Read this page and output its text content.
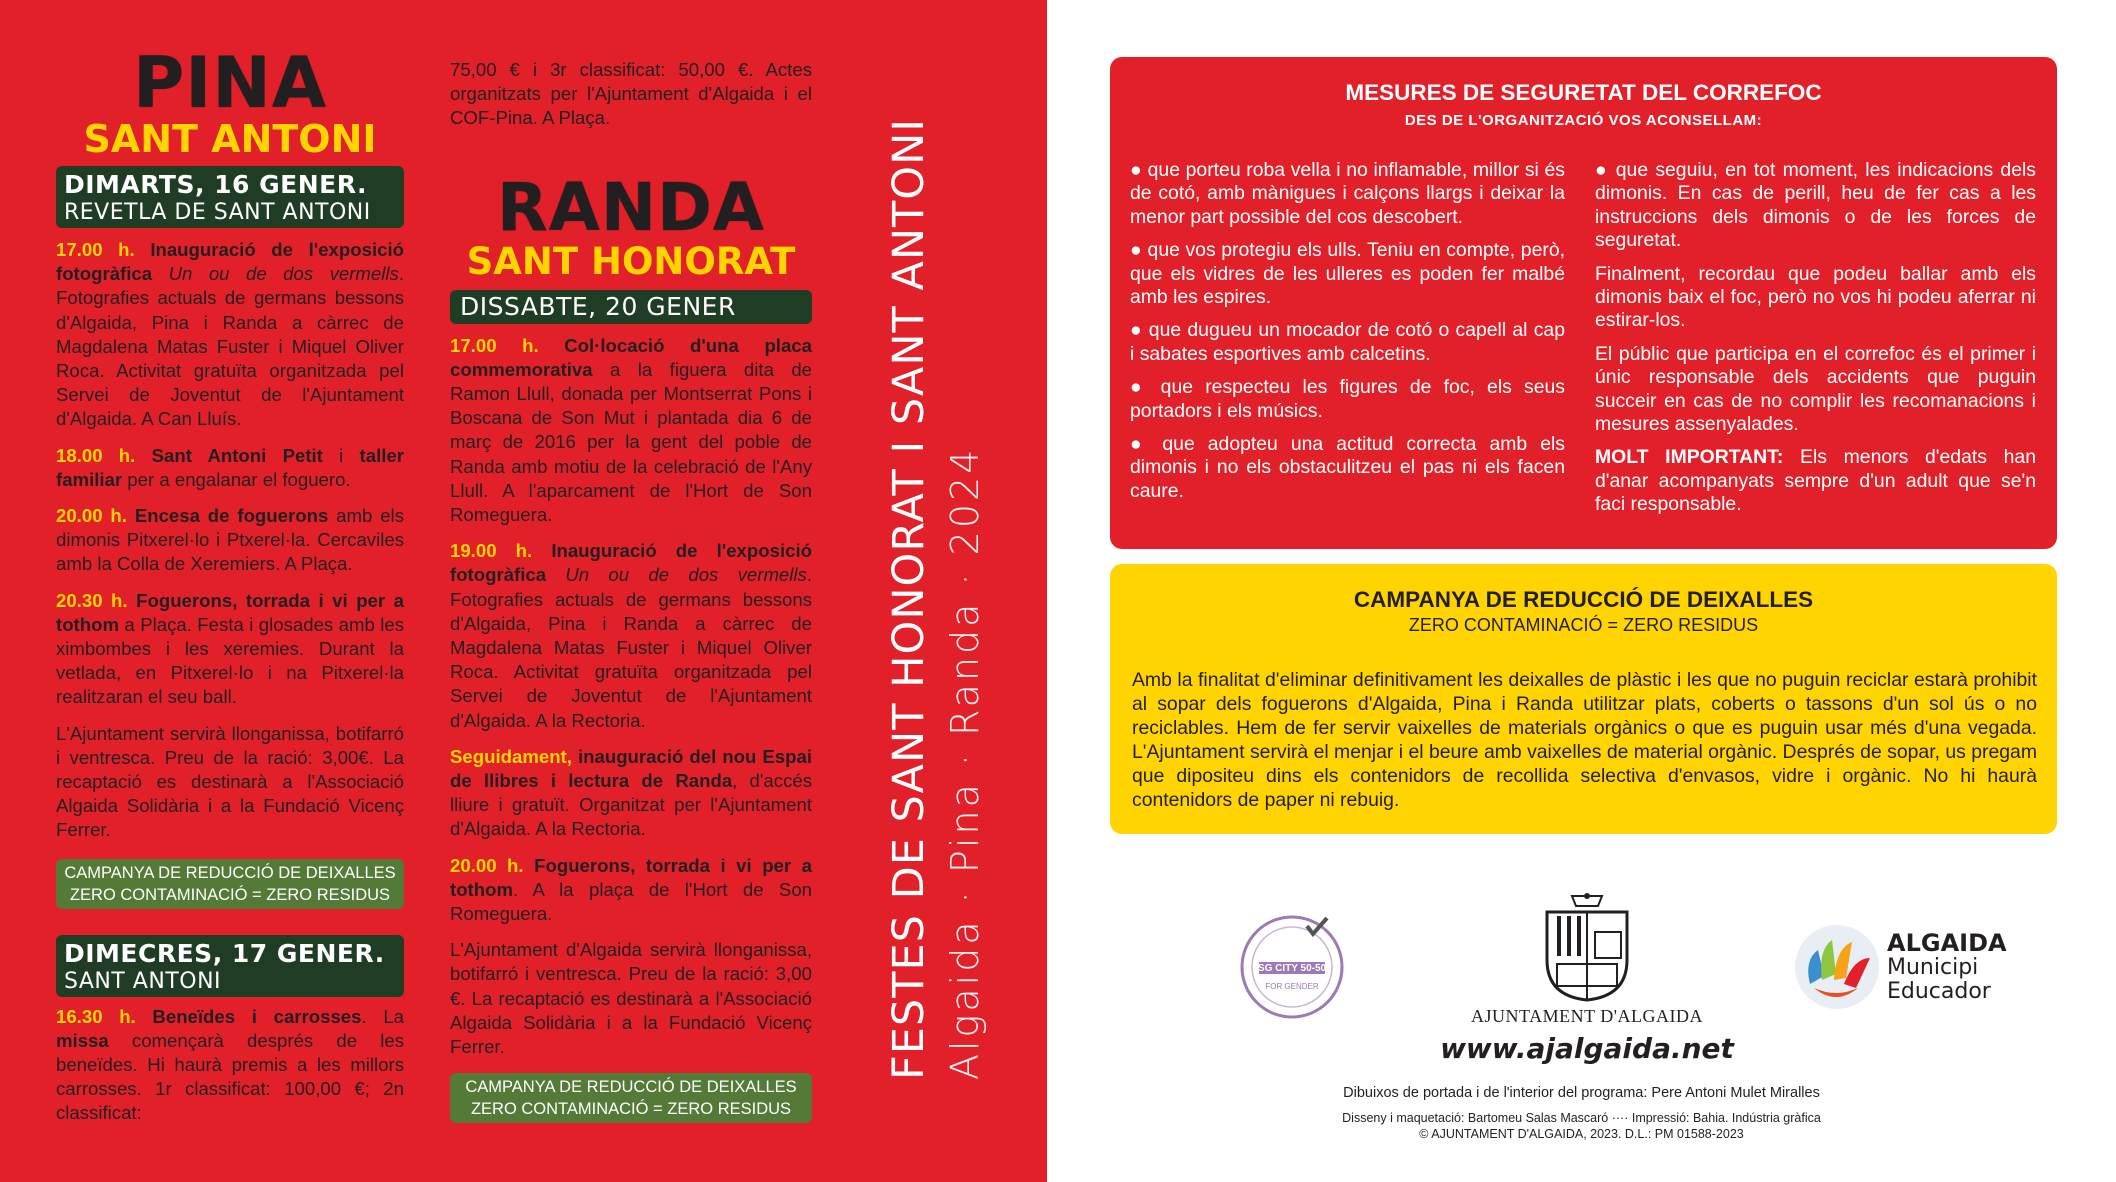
PINA
SANT ANTONI
DIMARTS, 16 GENER.
REVETLA DE SANT ANTONI

17.00 h. Inauguració de l'exposició fotogràfica Un ou de dos vermells. Fotografies actuals de germans bessons d'Algaida, Pina i Randa a càrrec de Magdalena Matas Fuster i Miquel Oliver Roca. Activitat gratuïta organitzada pel Servei de Joventut de l'Ajuntament d'Algaida. A Can Lluís.

18.00 h. Sant Antoni Petit i taller familiar per a engalanar el foguero.

20.00 h. Encesa de foguerons amb els dimonis Pitxerel·lo i Ptxerel·la. Cercaviles amb la Colla de Xeremiers. A Plaça.

20.30 h. Foguerons, torrada i vi per a tothom a Plaça. Festa i glosades amb les ximbombes i les xeremies. Durant la vetlada, en Pitxerel·lo i na Pitxerel·la realitzaran el seu ball.

L'Ajuntament servirà llonganissa, botifarró i ventresca. Preu de la ració: 3,00€. La recaptació es destinarà a l'Associació Algaida Solidària i a la Fundació Vicenç Ferrer.

CAMPANYA DE REDUCCIÓ DE DEIXALLES
ZERO CONTAMINACIÓ = ZERO RESIDUS
DIMECRES, 17 GENER.
SANT ANTONI

16.30 h. Beneïdes i carrosses. La missa començarà després de les beneïdes. Hi haurà premis a les millors carrosses. 1r classificat: 100,00 €; 2n classificat:

75,00 € i 3r classificat: 50,00 €. Actes organitzats per l'Ajuntament d'Algaida i el COF-Pina. A Plaça.

RANDA
SANT HONORAT
DISSABTE, 20 GENER

17.00 h. Col·locació d'una placa commemorativa a la figuera dita de Ramon Llull, donada per Montserrat Pons i Boscana de Son Mut i plantada dia 6 de març de 2016 per la gent del poble de Randa amb motiu de la celebració de l'Any Llull. A l'aparcament de l'Hort de Son Romeguera.

19.00 h. Inauguració de l'exposició fotogràfica Un ou de dos vermells. Fotografies actuals de germans bessons d'Algaida, Pina i Randa a càrrec de Magdalena Matas Fuster i Miquel Oliver Roca. Activitat gratuïta organitzada pel Servei de Joventut de l'Ajuntament d'Algaida. A la Rectoria.

Seguidament, inauguració del nou Espai de llibres i lectura de Randa, d'accés lliure i gratuït. Organitzat per l'Ajuntament d'Algaida. A la Rectoria.

20.00 h. Foguerons, torrada i vi per a tothom. A la plaça de l'Hort de Son Romeguera.

L'Ajuntament d'Algaida servirà llonganissa, botifarró i ventresca. Preu de la ració: 3,00 €. La recaptació es destinarà a l'Associació Algaida Solidària i a la Fundació Vicenç Ferrer.

CAMPANYA DE REDUCCIÓ DE DEIXALLES
ZERO CONTAMINACIÓ = ZERO RESIDUS
FESTES DE SANT HONORAT I SANT ANTONI Algaida · Pina · Randa · 2024
MESURES DE SEGURETAT DEL CORREFOC
DES DE L'ORGANITZACIÓ VOS ACONSELLAM:

● que porteu roba vella i no inflamable, millor si és de cotó, amb mànigues i calçons llargs i deixar la menor part possible del cos descobert.

● que vos protegiu els ulls. Teniu en compte, però, que els vidres de les ulleres es poden fer malbé amb les espires.

● que dugueu un mocador de cotó o capell al cap i sabates esportives amb calcetins.

● que respecteu les figures de foc, els seus portadors i els músics.

● que adopteu una actitud correcta amb els dimonis i no els obstaculitzeu el pas ni els facen caure.

● que seguiu, en tot moment, les indicacions dels dimonis. En cas de perill, heu de fer cas a les instruccions dels dimonis o de les forces de seguretat.

Finalment, recordau que podeu ballar amb els dimonis baix el foc, però no vos hi podeu aferrar ni estirar-los.

El públic que participa en el correfoc és el primer i únic responsable dels accidents que puguin succeir en cas de no complir les recomanacions i mesures assenyalades.

MOLT IMPORTANT: Els menors d'edats han d'anar acompanyats sempre d'un adult que se'n faci responsable.

CAMPANYA DE REDUCCIÓ DE DEIXALLES
ZERO CONTAMINACIÓ = ZERO RESIDUS
Amb la finalitat d'eliminar definitivament les deixalles de plàstic i les que no puguin reciclar estarà prohibit al sopar dels foguerons d'Algaida, Pina i Randa utilitzar plats, coberts o tassons d'un sol ús o no reciclables. Hem de fer servir vaixelles de materials orgànics o que es puguin usar més d'una vegada. L'Ajuntament servirà el menjar i el beure amb vaixelles de material orgànic. Després de sopar, us pregam que dipositeu dins els contenidors de recollida selectiva d'envasos, vidre i orgànic. No hi haurà contenidors de paper ni rebuig.
SG CITY 50-50
FOR GENDER
AJUNTAMENT D'ALGAIDA
www.ajalgaida.net
ALGAIDA
Municipi
Educador
Dibuixos de portada i de l'interior del programa: Pere Antoni Mulet Miralles
Disseny i maquetació: Bartomeu Salas Mascaró ···· Impressió: Bahia. Indústria gràfica
© AJUNTAMENT D'ALGAIDA, 2023. D.L.: PM 01588-2023
